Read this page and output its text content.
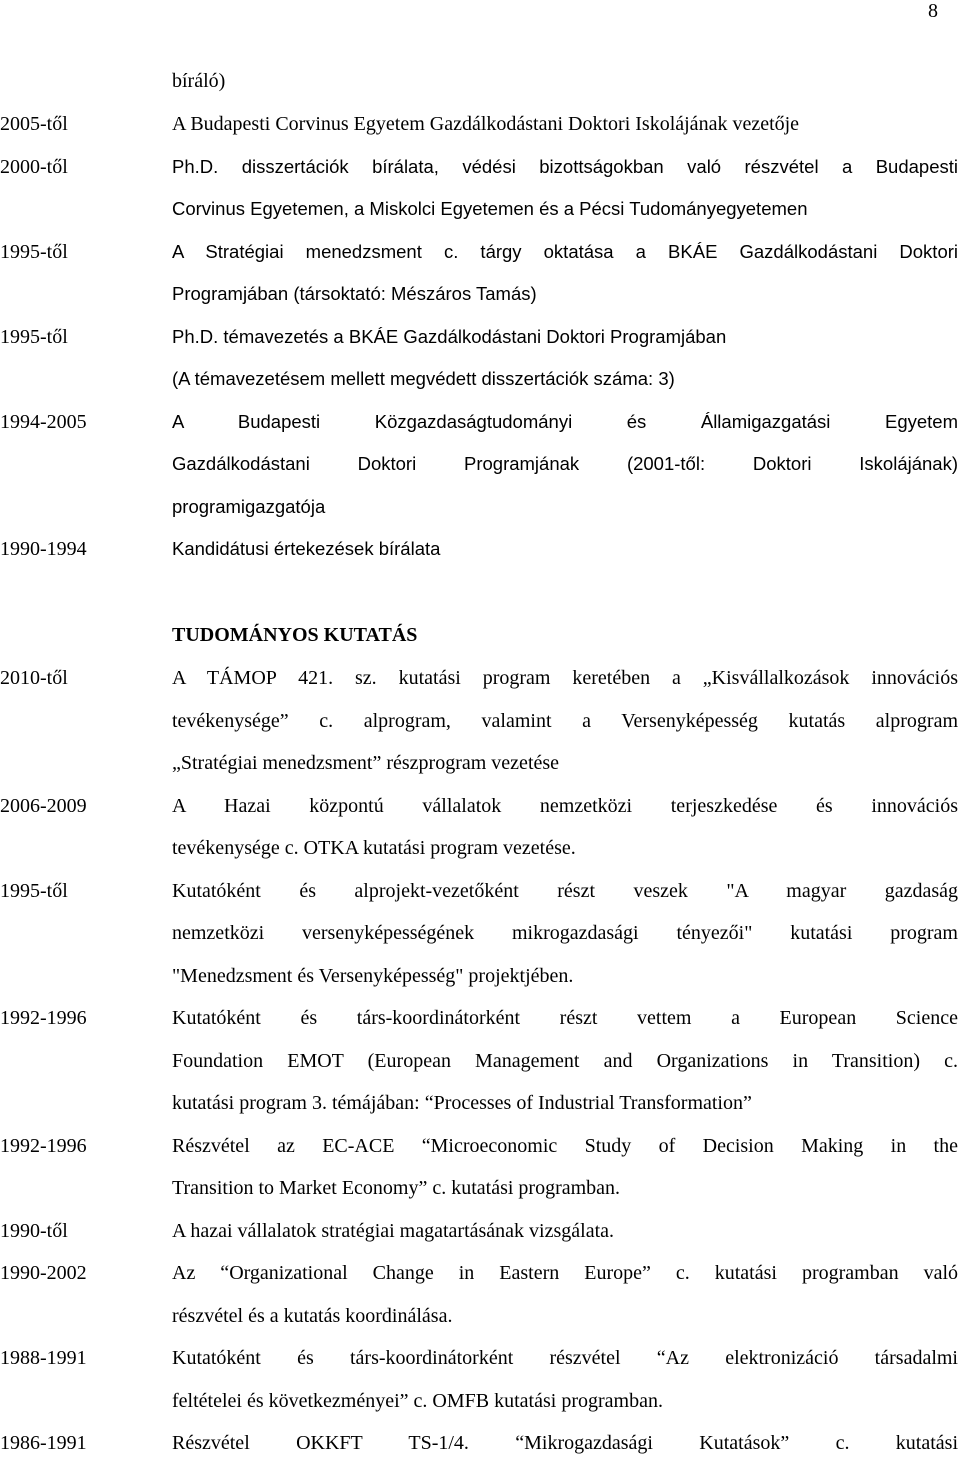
8
bíráló)
2005-től	A Budapesti Corvinus Egyetem Gazdálkodástani Doktori Iskolájának vezetője
2000-től	Ph.D. disszertációk bírálata, védési bizottságokban való részvétel a Budapesti
Corvinus Egyetemen, a Miskolci Egyetemen és a Pécsi Tudományegyetemen
1995-től	A Stratégiai menedzsment c. tárgy oktatása a BKÁE Gazdálkodástani Doktori
Programjában (társoktató: Mészáros Tamás)
1995-től	Ph.D. témavezetés a BKÁE Gazdálkodástani Doktori Programjában
(A témavezetésem mellett megvédett disszertációk száma: 3)
1994-2005	A Budapesti Közgazdaságtudományi és Államigazgatási Egyetem
Gazdálkodástani Doktori Programjának (2001-től: Doktori Iskolájának)
programigazgatója
1990-1994	Kandidátusi értekezések bírálata
TUDOMÁNYOS KUTATÁS
2010-től	A TÁMOP 421. sz. kutatási program keretében a „Kisvállalkozások innovációs
tevékenysége” c. alprogram, valamint a Versenyképesség kutatás alprogram
„Stratégiai menedzsment” részprogram vezetése
2006-2009	A Hazai központú vállalatok nemzetközi terjeszkedése és innovációs
tevékenysége c. OTKA kutatási program vezetése.
1995-től	Kutatóként és alprojekt-vezetőként részt veszek "A magyar gazdaság
nemzetközi versenyképességének mikrogazdasági tényezői" kutatási program
"Menedzsment és Versenyképesség" projektjében.
1992-1996	Kutatóként és társ-koordinátorként részt vettem a European Science
Foundation EMOT (European Management and Organizations in Transition) c.
kutatási program 3. témájában: “Processes of Industrial Transformation”
1992-1996	Részvétel az EC-ACE “Microeconomic Study of Decision Making in the
Transition to Market Economy” c. kutatási programban.
1990-től	A hazai vállalatok stratégiai magatartásának vizsgálata.
1990-2002	Az “Organizational Change in Eastern Europe” c. kutatási programban való
részvétel és a kutatás koordinálása.
1988-1991	Kutatóként és társ-koordinátorként részvétel “Az elektronizáció társadalmi
feltételei és következményei” c. OMFB kutatási programban.
1986-1991	Részvétel OKKFT TS-1/4. “Mikrogazdasági Kutatások” c. kutatási
